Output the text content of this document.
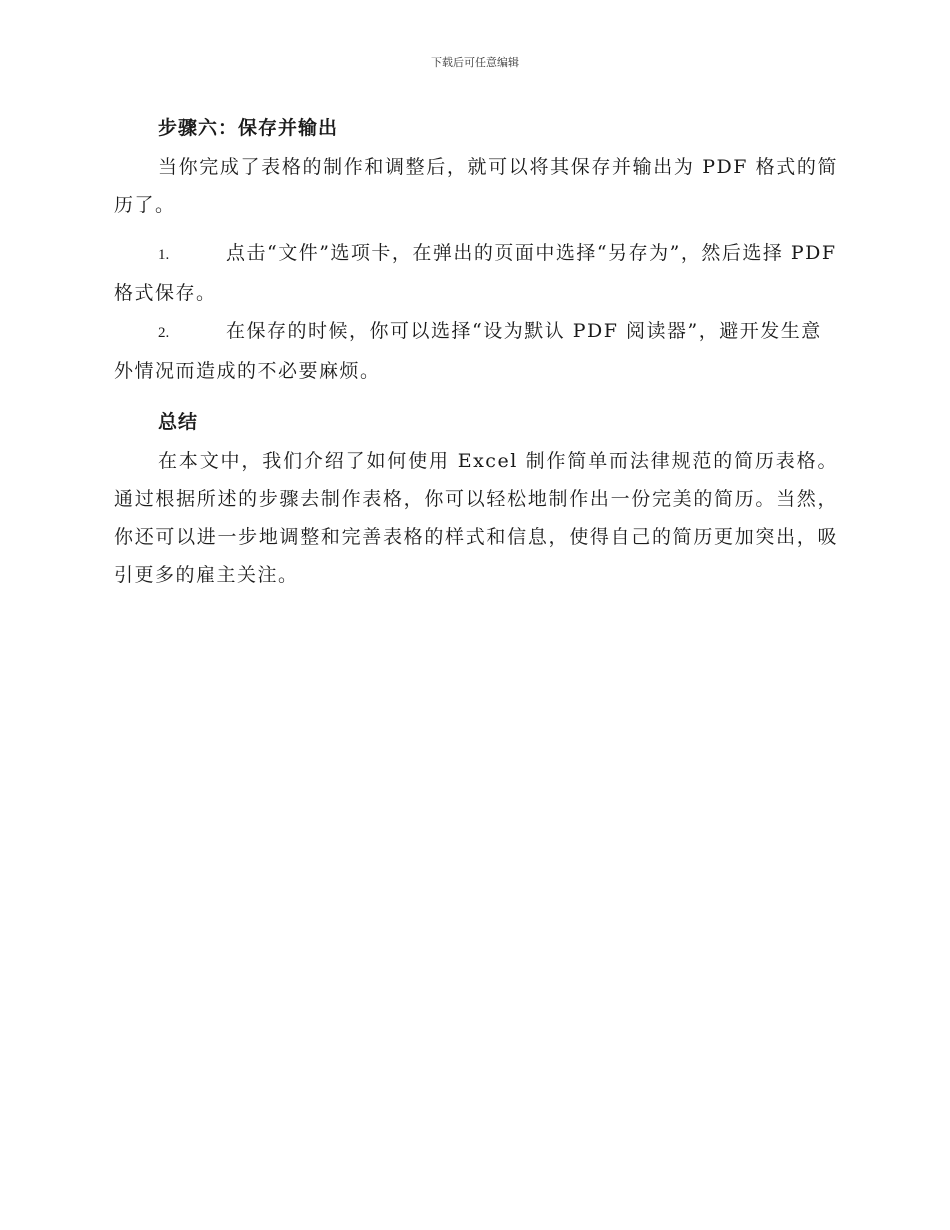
下载后可任意编辑
步骤六：保存并输出

当你完成了表格的制作和调整后，就可以将其保存并输出为 PDF 格式的简历了。

1.	点击“文件”选项卡，在弹出的页面中选择“另存为”，然后选择 PDF 格式保存。

2.	在保存的时候，你可以选择“设为默认 PDF 阅读器”，避开发生意外情况而造成的不必要麻烦。

总结

在本文中，我们介绍了如何使用 Excel 制作简单而法律规范的简历表格。通过根据所述的步骤去制作表格，你可以轻松地制作出一份完美的简历。当然，你还可以进一步地调整和完善表格的样式和信息，使得自己的简历更加突出，吸引更多的雇主关注。
